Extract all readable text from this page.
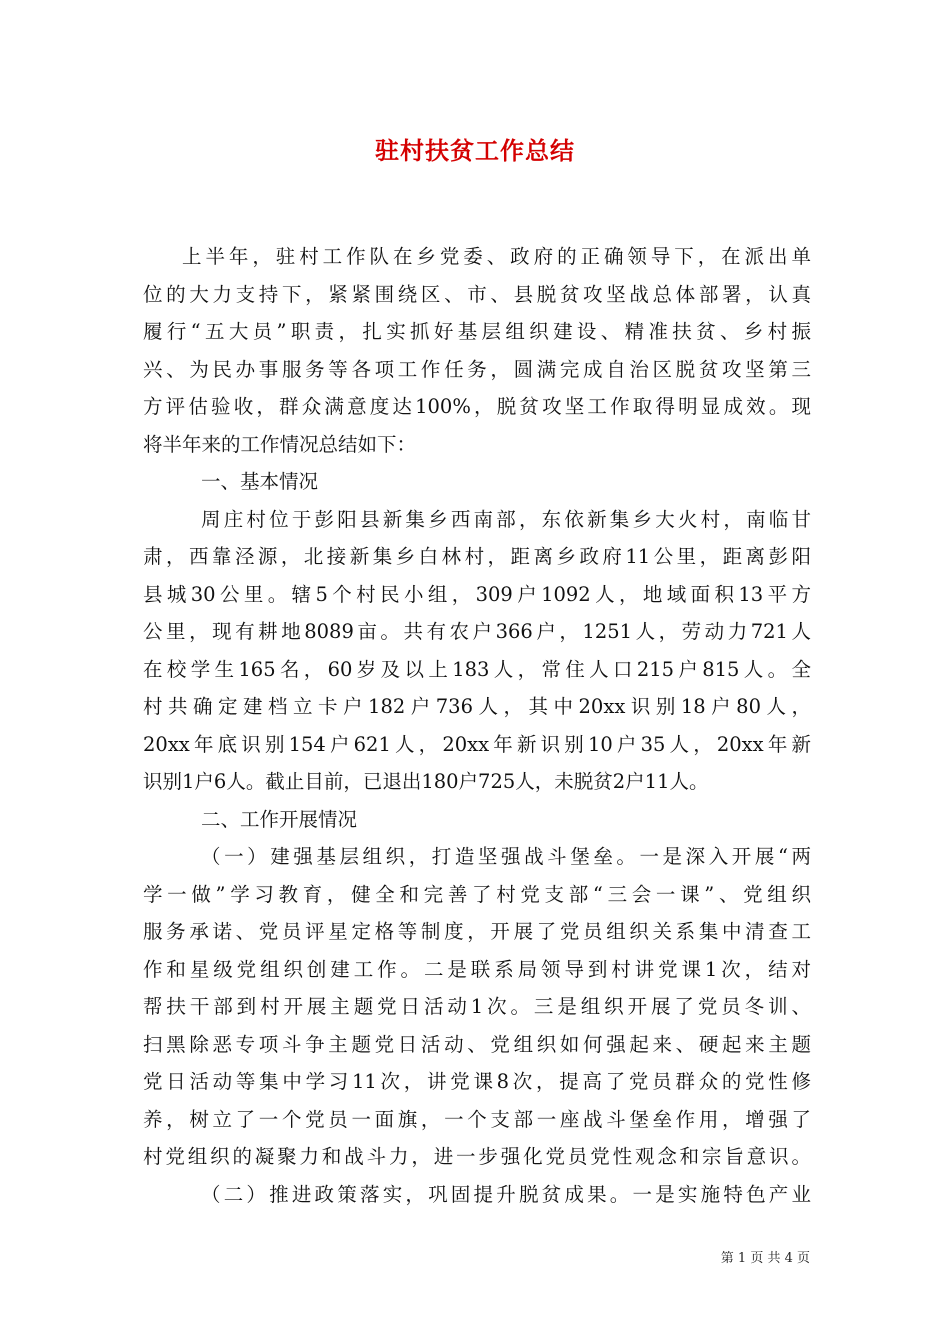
驻村扶贫工作总结
上半年，驻村工作队在乡党委、政府的正确领导下，在派出单
位的大力支持下，紧紧围绕区、市、县脱贫攻坚战总体部署，认真
履行“五大员”职责，扎实抓好基层组织建设、精准扶贫、乡村振
兴、为民办事服务等各项工作任务，圆满完成自治区脱贫攻坚第三
方评估验收，群众满意度达100%，脱贫攻坚工作取得明显成效。现
将半年来的工作情况总结如下：
一、基本情况
周庄村位于彭阳县新集乡西南部，东依新集乡大火村，南临甘
肃，西靠泾源，北接新集乡白林村，距离乡政府11公里，距离彭阳
县城30公里。辖5个村民小组，309户1092人，地域面积13平方
公里，现有耕地8089亩。共有农户366户，1251人，劳动力721人
在校学生165名，60岁及以上183人，常住人口215户815人。全
村共确定建档立卡户182户736人，其中20xx识别18户80人，
20xx年底识别154户621人，20xx年新识别10户35人，20xx年新
识别1户6人。截止目前，已退出180户725人，未脱贫2户11人。
二、工作开展情况
（一）建强基层组织，打造坚强战斗堡垒。一是深入开展“两
学一做”学习教育，健全和完善了村党支部“三会一课”、党组织
服务承诺、党员评星定格等制度，开展了党员组织关系集中清查工
作和星级党组织创建工作。二是联系局领导到村讲党课1次，结对
帮扶干部到村开展主题党日活动1次。三是组织开展了党员冬训、
扫黑除恶专项斗争主题党日活动、党组织如何强起来、硬起来主题
党日活动等集中学习11次，讲党课8次，提高了党员群众的党性修
养，树立了一个党员一面旗，一个支部一座战斗堡垒作用，增强了
村党组织的凝聚力和战斗力，进一步强化党员党性观念和宗旨意识。
（二）推进政策落实，巩固提升脱贫成果。一是实施特色产业
第 1 页 共 4 页
